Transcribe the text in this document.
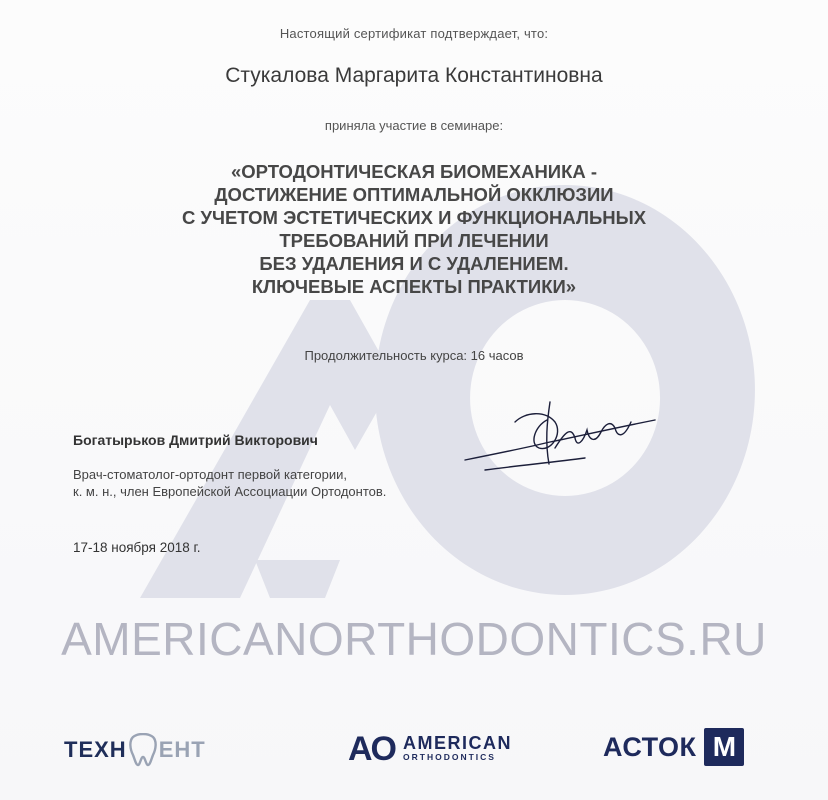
Настоящий сертификат подтверждает, что:
Стукалова Маргарита Константиновна
приняла участие в семинаре:
«ОРТОДОНТИЧЕСКАЯ БИОМЕХАНИКА -
ДОСТИЖЕНИЕ ОПТИМАЛЬНОЙ ОККЛЮЗИИ
С УЧЕТОМ ЭСТЕТИЧЕСКИХ И ФУНКЦИОНАЛЬНЫХ
ТРЕБОВАНИЙ ПРИ ЛЕЧЕНИИ
БЕЗ УДАЛЕНИЯ И С УДАЛЕНИЕМ.
КЛЮЧЕВЫЕ АСПЕКТЫ ПРАКТИКИ»
Продолжительность курса: 16 часов
Богатырьков Дмитрий Викторович
Врач-стоматолог-ортодонт первой категории,
к. м. н., член Европейской Ассоциации Ортодонтов.
17-18 ноября 2018 г.
AMERICANORTHODONTICS.RU
ТЕХН ЕНТ	AO AMERICAN
ORTHODONTICS	АСТОК M
